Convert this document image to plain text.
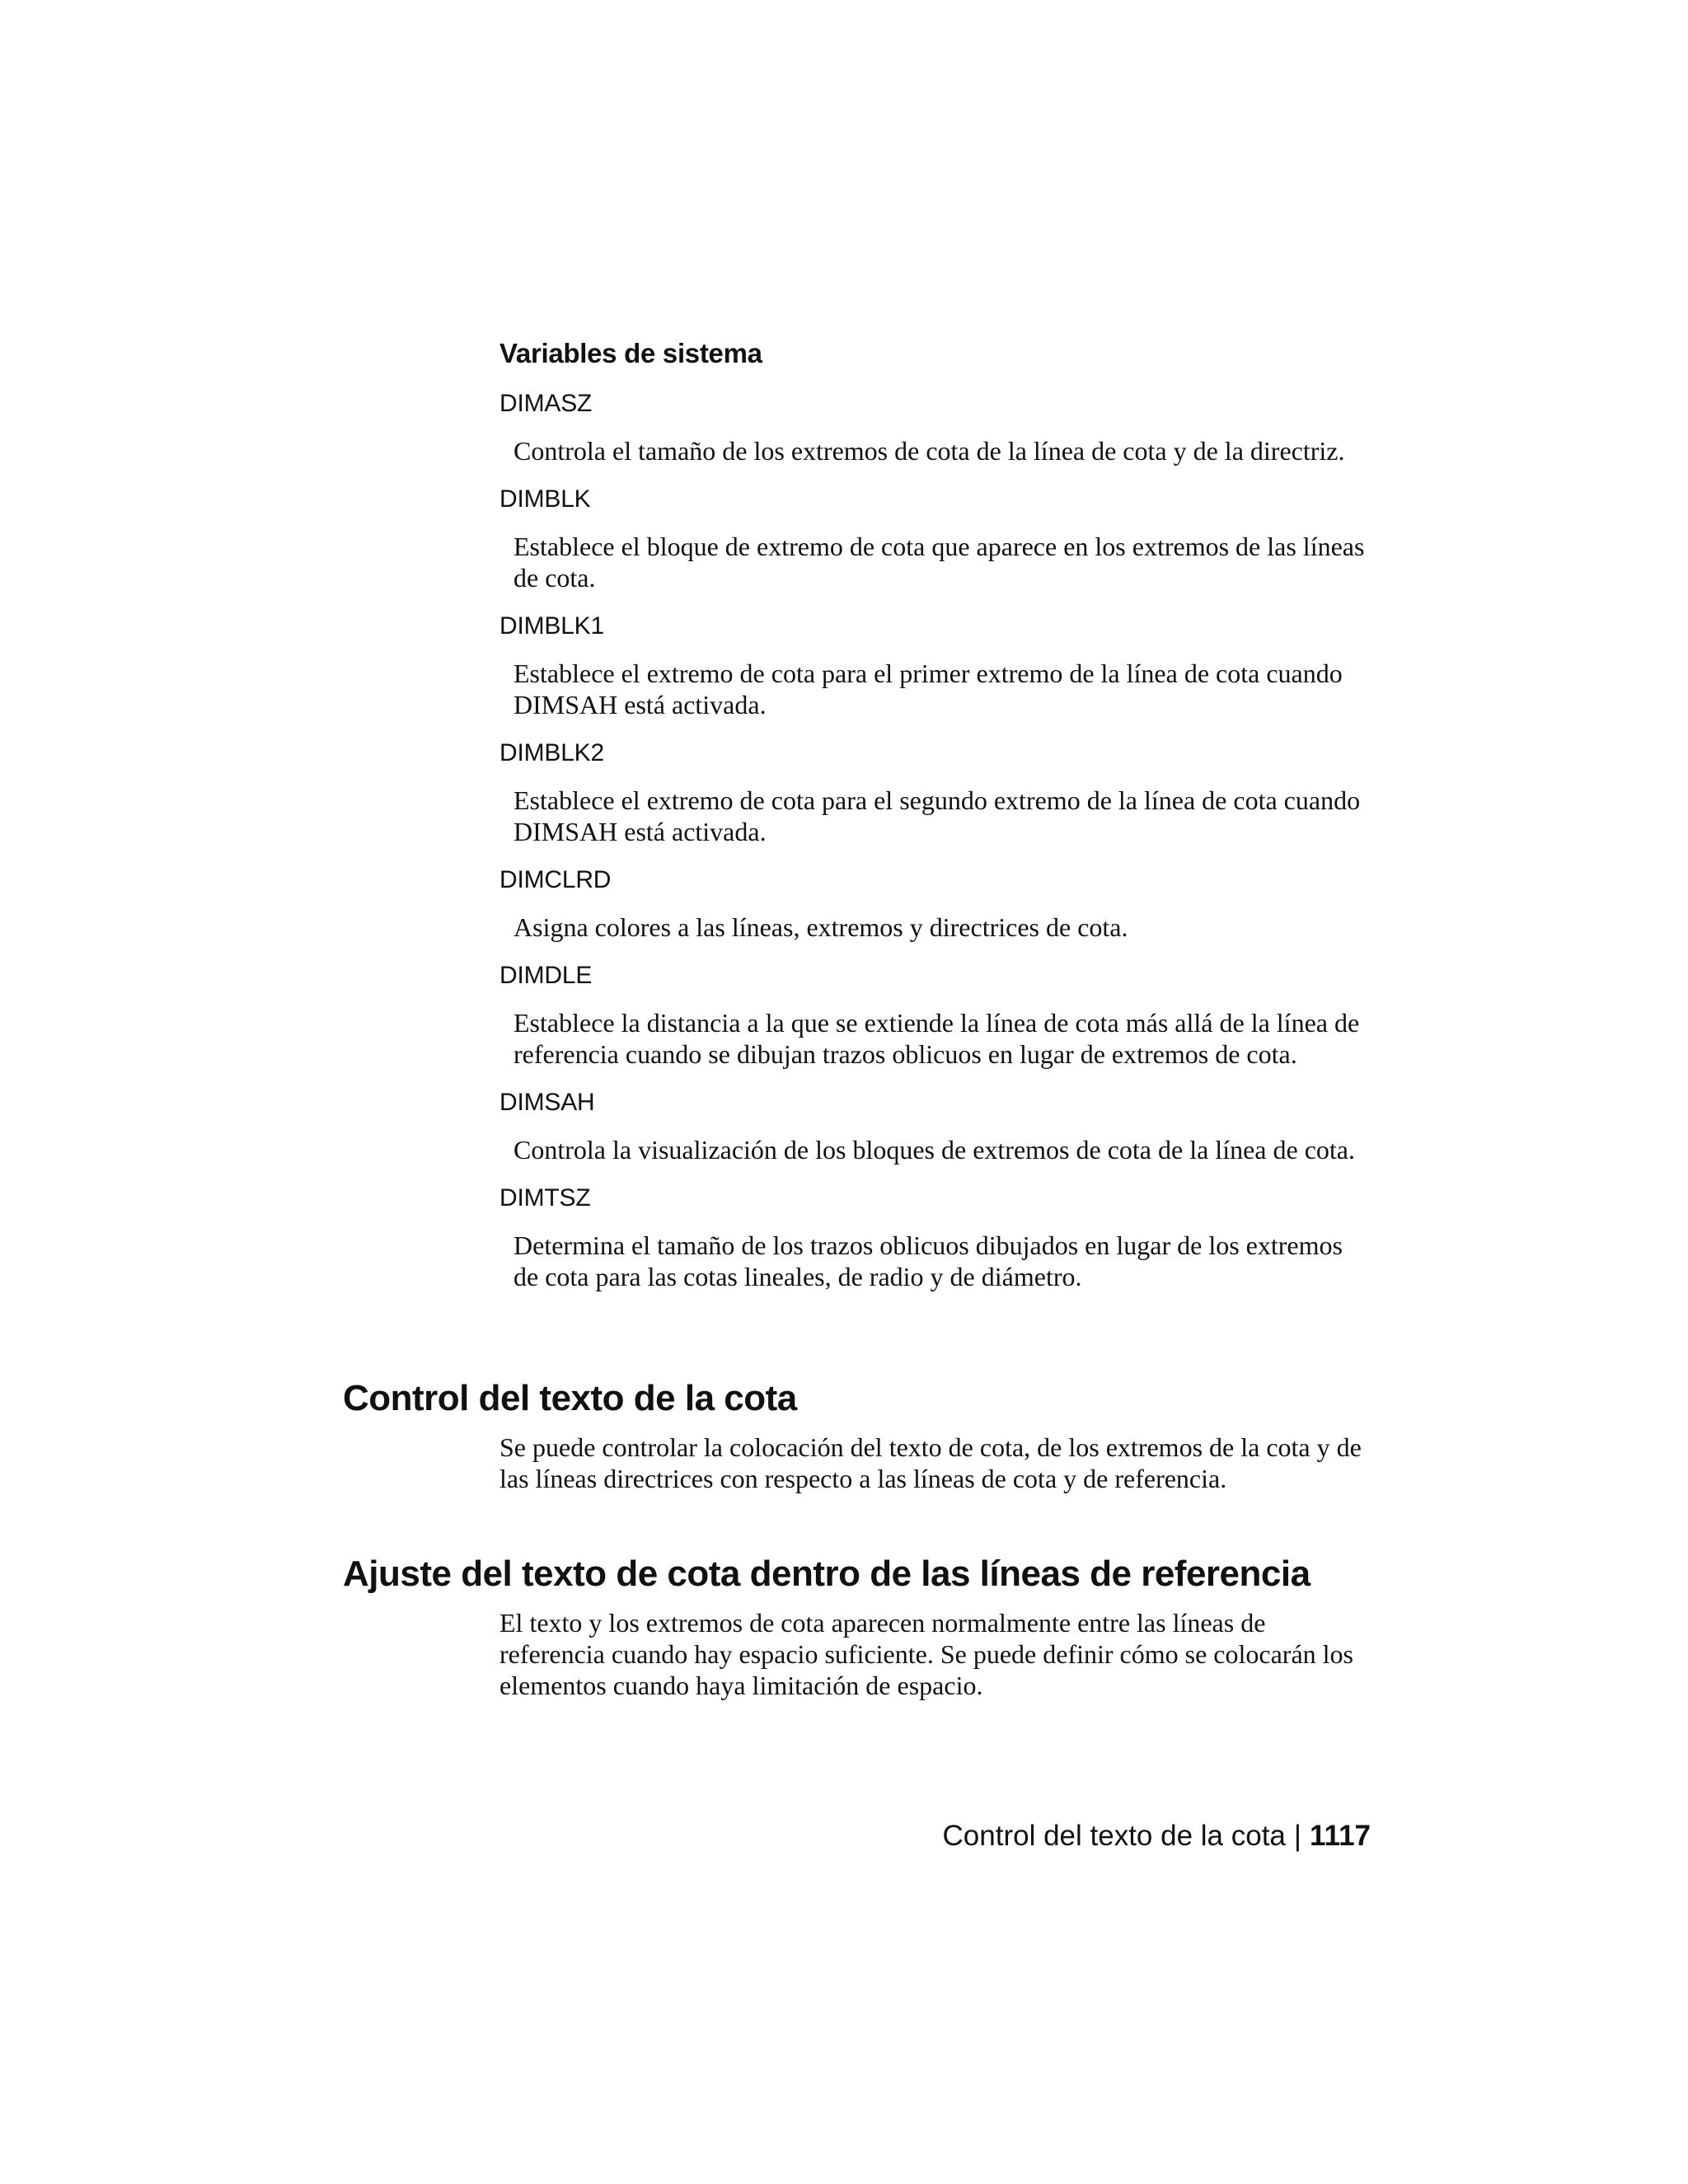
Variables de sistema
DIMASZ
Controla el tamaño de los extremos de cota de la línea de cota y de la directriz.
DIMBLK
Establece el bloque de extremo de cota que aparece en los extremos de las líneas de cota.
DIMBLK1
Establece el extremo de cota para el primer extremo de la línea de cota cuando DIMSAH está activada.
DIMBLK2
Establece el extremo de cota para el segundo extremo de la línea de cota cuando DIMSAH está activada.
DIMCLRD
Asigna colores a las líneas, extremos y directrices de cota.
DIMDLE
Establece la distancia a la que se extiende la línea de cota más allá de la línea de referencia cuando se dibujan trazos oblicuos en lugar de extremos de cota.
DIMSAH
Controla la visualización de los bloques de extremos de cota de la línea de cota.
DIMTSZ
Determina el tamaño de los trazos oblicuos dibujados en lugar de los extremos de cota para las cotas lineales, de radio y de diámetro.
Control del texto de la cota

Se puede controlar la colocación del texto de cota, de los extremos de la cota y de las líneas directrices con respecto a las líneas de cota y de referencia.

Ajuste del texto de cota dentro de las líneas de referencia

El texto y los extremos de cota aparecen normalmente entre las líneas de referencia cuando hay espacio suficiente. Se puede definir cómo se colocarán los elementos cuando haya limitación de espacio.

Control del texto de la cota | 1117
